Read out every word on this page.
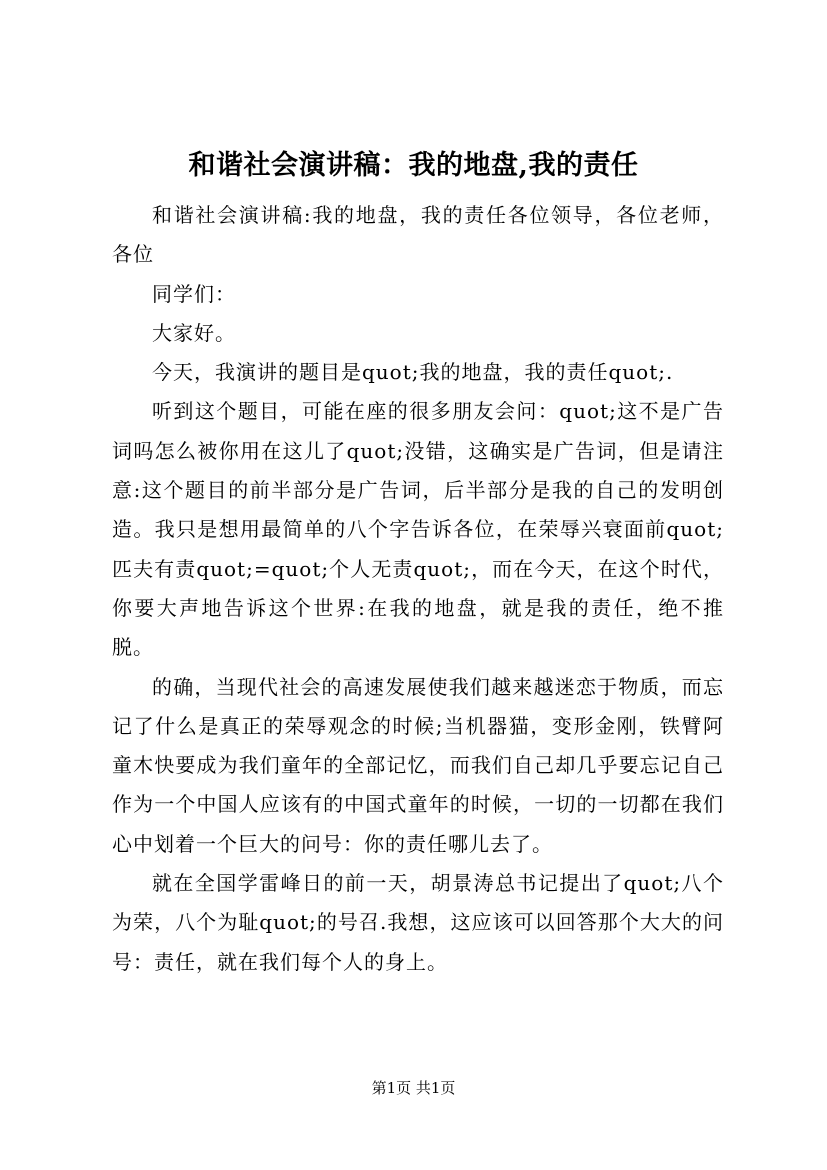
和谐社会演讲稿：我的地盘,我的责任

和谐社会演讲稿:我的地盘，我的责任各位领导，各位老师，各位

同学们：

大家好。

今天，我演讲的题目是quot;我的地盘，我的责任quot;.

听到这个题目，可能在座的很多朋友会问：quot;这不是广告词吗怎么被你用在这儿了quot;没错，这确实是广告词，但是请注意:这个题目的前半部分是广告词，后半部分是我的自己的发明创造。我只是想用最简单的八个字告诉各位，在荣辱兴衰面前quot;匹夫有责quot;=quot;个人无责quot;，而在今天，在这个时代，你要大声地告诉这个世界:在我的地盘，就是我的责任，绝不推脱。

的确，当现代社会的高速发展使我们越来越迷恋于物质，而忘记了什么是真正的荣辱观念的时候;当机器猫，变形金刚，铁臂阿童木快要成为我们童年的全部记忆，而我们自己却几乎要忘记自己作为一个中国人应该有的中国式童年的时候，一切的一切都在我们心中划着一个巨大的问号：你的责任哪儿去了。

就在全国学雷峰日的前一天，胡景涛总书记提出了quot;八个为荣，八个为耻quot;的号召.我想，这应该可以回答那个大大的问号：责任，就在我们每个人的身上。

第1页 共1页
